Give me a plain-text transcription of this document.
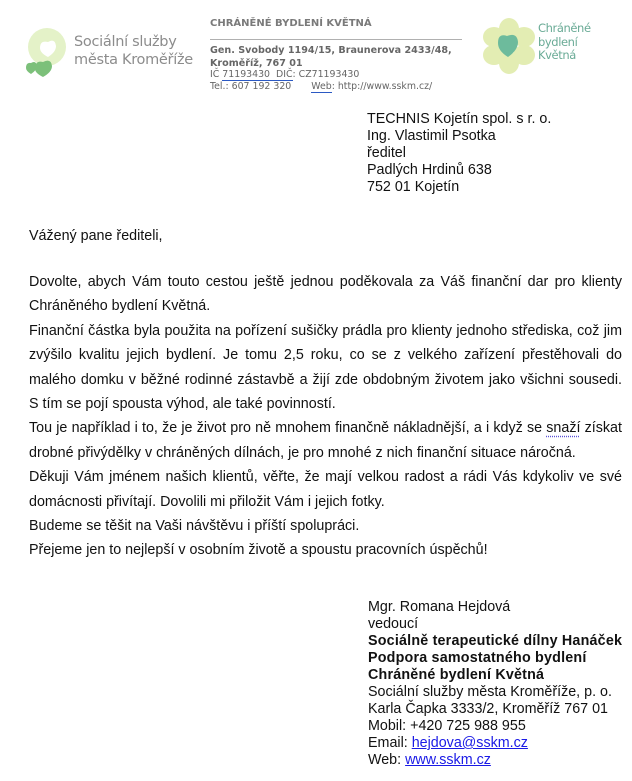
Sociální služby
města Kroměříže
CHRÁNĚNÉ BYDLENÍ KVĚTNÁ
Gen. Svobody 1194/15, Braunerova 2433/48,
Kroměříž, 767 01
IČ 71193430 DIČ: CZ71193430
Tel.: 607 192 320 Web: http://www.sskm.cz/
Chráněné
bydlení
Květná
TECHNIS Kojetín spol. s r. o.
Ing. Vlastimil Psotka
ředitel
Padlých Hrdinů 638
752 01 Kojetín
Vážený pane řediteli,

Dovolte, abych Vám touto cestou ještě jednou poděkovala za Váš finanční dar pro klienty Chráněného bydlení Květná.

Finanční částka byla použita na pořízení sušičky prádla pro klienty jednoho střediska, což jim zvýšilo kvalitu jejich bydlení. Je tomu 2,5 roku, co se z velkého zařízení přestěhovali do malého domku v běžné rodinné zástavbě a žijí zde obdobným životem jako všichni sousedi. S tím se pojí spousta výhod, ale také povinností.

Tou je například i to, že je život pro ně mnohem finančně nákladnější, a i když se snaží získat drobné přivýdělky v chráněných dílnách, je pro mnohé z nich finanční situace náročná.

Děkuji Vám jménem našich klientů, věřte, že mají velkou radost a rádi Vás kdykoliv ve své domácnosti přivítají. Dovolili mi přiložit Vám i jejich fotky.

Budeme se těšit na Vaši návštěvu i příští spolupráci.

Přejeme jen to nejlepší v osobním životě a spoustu pracovních úspěchů!

Mgr. Romana Hejdová
vedoucí
Sociálně terapeutické dílny Hanáček
Podpora samostatného bydlení
Chráněné bydlení Květná
Sociální služby města Kroměříže, p. o.
Karla Čapka 3333/2, Kroměříž 767 01
Mobil: +420 725 988 955
Email: hejdova@sskm.cz
Web: www.sskm.cz
